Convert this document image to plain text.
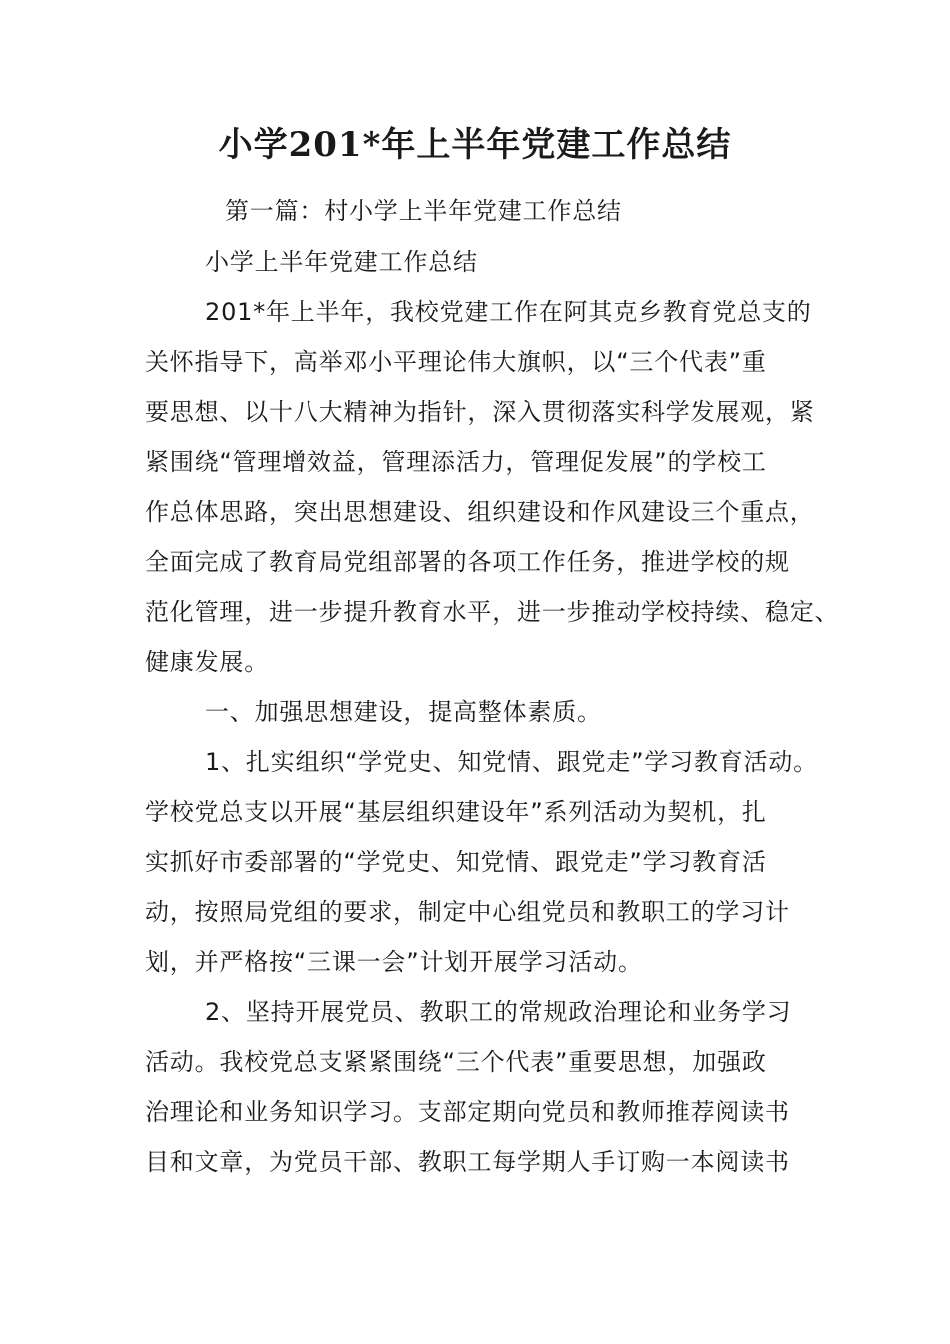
小学201*年上半年党建工作总结
第一篇：村小学上半年党建工作总结
小学上半年党建工作总结
201*年上半年，我校党建工作在阿其克乡教育党总支的
关怀指导下，高举邓小平理论伟大旗帜，以“三个代表”重
要思想、以十八大精神为指针，深入贯彻落实科学发展观，紧
紧围绕“管理增效益，管理添活力，管理促发展”的学校工
作总体思路，突出思想建设、组织建设和作风建设三个重点，
全面完成了教育局党组部署的各项工作任务，推进学校的规
范化管理，进一步提升教育水平，进一步推动学校持续、稳定、
健康发展。
一、加强思想建设，提高整体素质。
1、扎实组织“学党史、知党情、跟党走”学习教育活动。
学校党总支以开展“基层组织建设年”系列活动为契机，扎
实抓好市委部署的“学党史、知党情、跟党走”学习教育活
动，按照局党组的要求，制定中心组党员和教职工的学习计
划，并严格按“三课一会”计划开展学习活动。
2、坚持开展党员、教职工的常规政治理论和业务学习
活动。我校党总支紧紧围绕“三个代表”重要思想，加强政
治理论和业务知识学习。支部定期向党员和教师推荐阅读书
目和文章，为党员干部、教职工每学期人手订购一本阅读书
